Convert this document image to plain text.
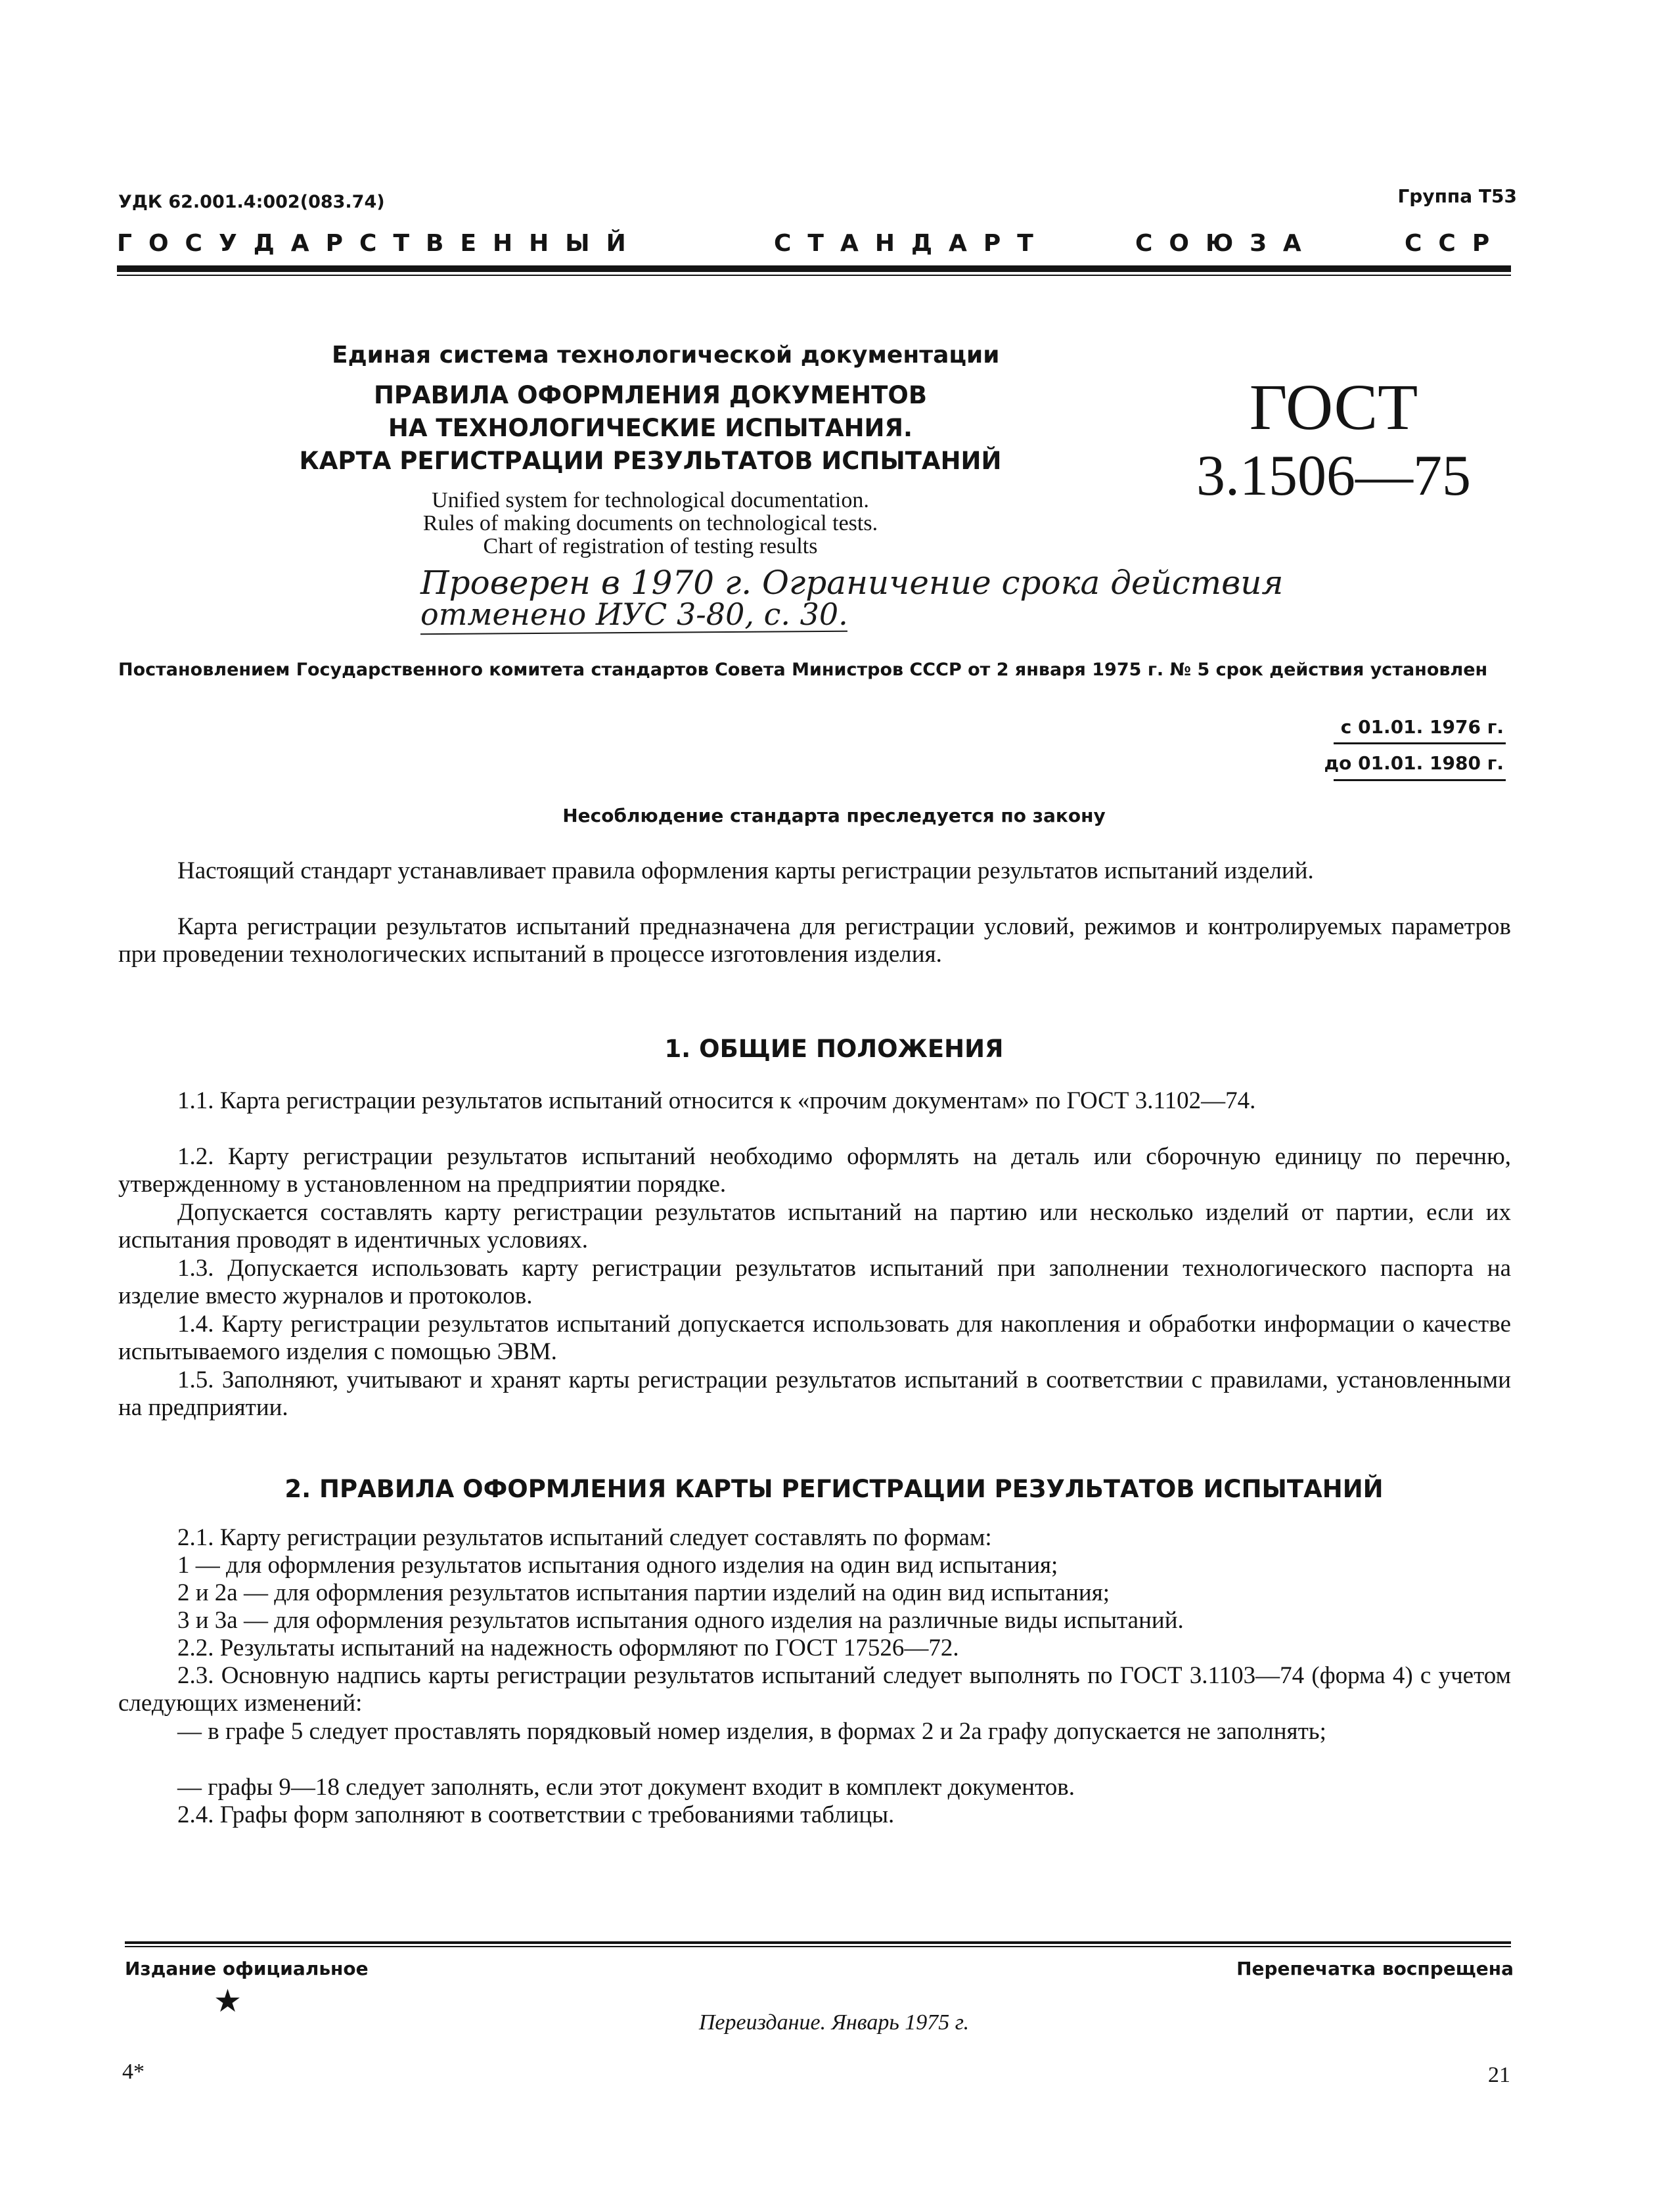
УДК 62.001.4:002(083.74)	Группа Т53
ГОСУДАРСТВЕННЫЙ	СТАНДАРТ	СОЮЗА	ССР
Единая система технологической документации
ПРАВИЛА ОФОРМЛЕНИЯ ДОКУМЕНТОВ
НА ТЕХНОЛОГИЧЕСКИЕ ИСПЫТАНИЯ.
КАРТА РЕГИСТРАЦИИ РЕЗУЛЬТАТОВ ИСПЫТАНИЙ
Unified system for technological documentation.
Rules of making documents on technological tests.
Chart of registration of testing results
ГОСТ
3.1506—75
Проверен в 1970 г. Ограничение срока действия
отменено ИУС 3-80, с. 30.
Постановлением Государственного комитета стандартов Совета Министров СССР от 2 января 1975 г. № 5 срок действия установлен
с 01.01. 1976 г.
до 01.01. 1980 г.
Несоблюдение стандарта преследуется по закону

Настоящий стандарт устанавливает правила оформления карты регистрации результатов испытаний изделий.

Карта регистрации результатов испытаний предназначена для регистрации условий, режимов и контролируемых параметров при проведении технологических испытаний в процессе изготовления изделия.

1. ОБЩИЕ ПОЛОЖЕНИЯ

1.1. Карта регистрации результатов испытаний относится к «прочим документам» по ГОСТ 3.1102—74.

1.2. Карту регистрации результатов испытаний необходимо оформлять на деталь или сборочную единицу по перечню, утвержденному в установленном на предприятии порядке.

Допускается составлять карту регистрации результатов испытаний на партию или несколько изделий от партии, если их испытания проводят в идентичных условиях.

1.3. Допускается использовать карту регистрации результатов испытаний при заполнении технологического паспорта на изделие вместо журналов и протоколов.

1.4. Карту регистрации результатов испытаний допускается использовать для накопления и обработки информации о качестве испытываемого изделия с помощью ЭВМ.

1.5. Заполняют, учитывают и хранят карты регистрации результатов испытаний в соответствии с правилами, установленными на предприятии.

2. ПРАВИЛА ОФОРМЛЕНИЯ КАРТЫ РЕГИСТРАЦИИ РЕЗУЛЬТАТОВ ИСПЫТАНИЙ

2.1. Карту регистрации результатов испытаний следует составлять по формам:

1 — для оформления результатов испытания одного изделия на один вид испытания;

2 и 2а — для оформления результатов испытания партии изделий на один вид испытания;

3 и 3а — для оформления результатов испытания одного изделия на различные виды испытаний.

2.2. Результаты испытаний на надежность оформляют по ГОСТ 17526—72.

2.3. Основную надпись карты регистрации результатов испытаний следует выполнять по ГОСТ 3.1103—74 (форма 4) с учетом следующих изменений:

— в графе 5 следует проставлять порядковый номер изделия, в формах 2 и 2а графу допускается не заполнять;

— графы 9—18 следует заполнять, если этот документ входит в комплект документов.

2.4. Графы форм заполняют в соответствии с требованиями таблицы.

Издание официальное	Перепечатка воспрещена
★
Переиздание. Январь 1975 г.
4*	21
